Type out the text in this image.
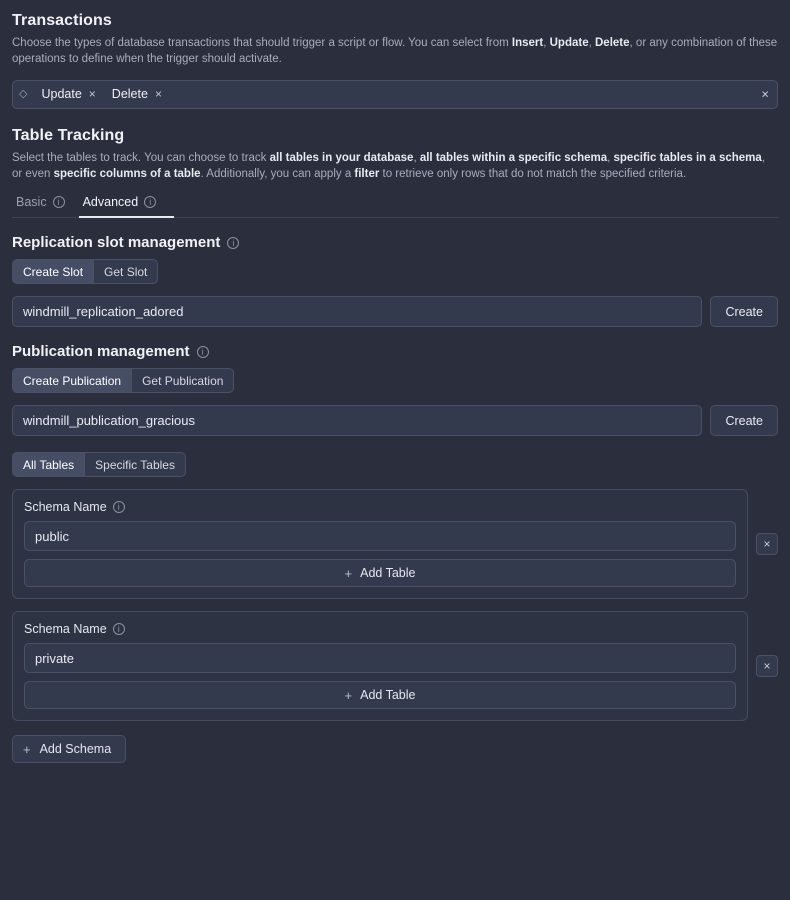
Transactions

Choose the types of database transactions that should trigger a script or flow. You can select from Insert, Update, Delete, or any combination of these operations to define when the trigger should activate.

◇ Update × Delete ×	×
Table Tracking

Select the tables to track. You can choose to track all tables in your database, all tables within a specific schema, specific tables in a schema, or even specific columns of a table. Additionally, you can apply a filter to retrieve only rows that do not match the specified criteria.

Basic	i	Advanced	i
Replication slot management	i
Create Slot Get Slot
windmill_replication_adored
Create
Publication management	i
Create Publication Get Publication
windmill_publication_gracious
Create
All Tables Specific Tables
Schema Name	i
public
+ Add Table
×
Schema Name	i
private
+ Add Table
×
+ Add Schema
